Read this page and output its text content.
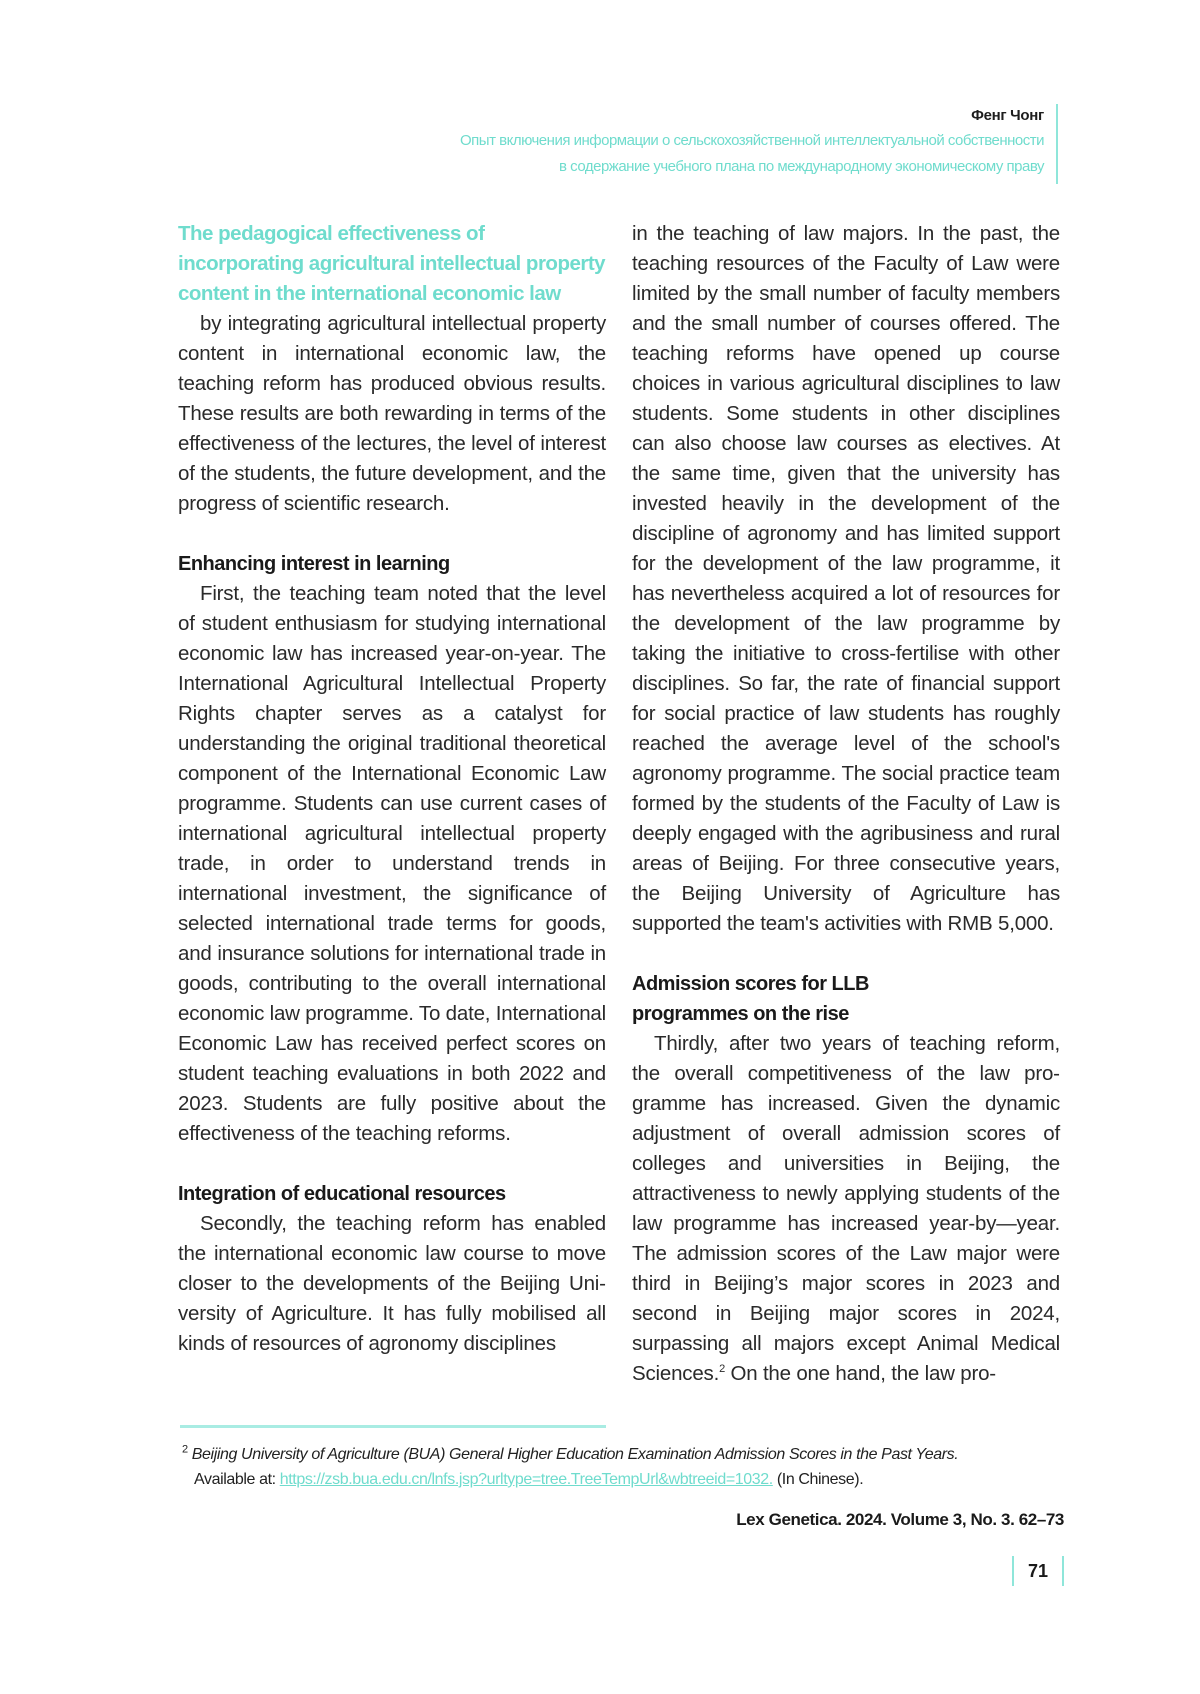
Фенг Чонг
Опыт включения информации о сельскохозяйственной интеллектуальной собственности
в содержание учебного плана по международному экономическому праву
The pedagogical effectiveness of incorporating agricultural intellectual property content in the international economic law

by integrating agricultural intellectual property content in international economic law, the teaching reform has produced obvious results. These results are both rewarding in terms of the effectiveness of the lectures, the level of interest of the students, the future development, and the progress of scientific research.

Enhancing interest in learning

First, the teaching team noted that the level of student enthusiasm for studying international economic law has increased year-on-year. The International Agricultural Intellectual Property Rights chapter serves as a catalyst for understanding the original traditional theoretical component of the International Economic Law programme. Students can use current cases of international agricultural intellectual property trade, in order to understand trends in international investment, the significance of selected international trade terms for goods, and insurance solutions for international trade in goods, contributing to the overall international economic law programme. To date, International Economic Law has received perfect scores on student teaching evaluations in both 2022 and 2023. Students are fully positive about the effectiveness of the teaching reforms.

Integration of educational resources

Secondly, the teaching reform has enabled the international economic law course to move closer to the developments of the Beijing University of Agriculture. It has fully mobilised all kinds of resources of agronomy disciplines

in the teaching of law majors. In the past, the teaching resources of the Faculty of Law were limited by the small number of faculty members and the small number of courses offered. The teaching reforms have opened up course choices in various agricultural disciplines to law students. Some students in other disciplines can also choose law courses as electives. At the same time, given that the university has invested heavily in the development of the discipline of agronomy and has limited support for the development of the law programme, it has nevertheless acquired a lot of resources for the development of the law programme by taking the initiative to cross-fertilise with other disciplines. So far, the rate of financial support for social practice of law students has roughly reached the average level of the school's agronomy programme. The social practice team formed by the students of the Faculty of Law is deeply engaged with the agribusiness and rural areas of Beijing. For three consecutive years, the Beijing University of Agriculture has supported the team's activities with RMB 5,000.

Admission scores for LLB
programmes on the rise

Thirdly, after two years of teaching reform, the overall competitiveness of the law programme has increased. Given the dynamic adjustment of overall admission scores of colleges and universities in Beijing, the attractiveness to newly applying students of the law programme has increased year-by—year. The admission scores of the Law major were third in Beijing’s major scores in 2023 and second in Beijing major scores in 2024, surpassing all majors except Animal Medical Sciences.$^2$ On the one hand, the law pro-

$^2$ Beijing University of Agriculture (BUA) General Higher Education Examination Admission Scores in the Past Years.
Available at: https://zsb.bua.edu.cn/lnfs.jsp?urltype=tree.TreeTempUrl&wbtreeid=1032. (In Chinese).
Lex Genetica. 2024. Volume 3, No. 3. 62–73
71
